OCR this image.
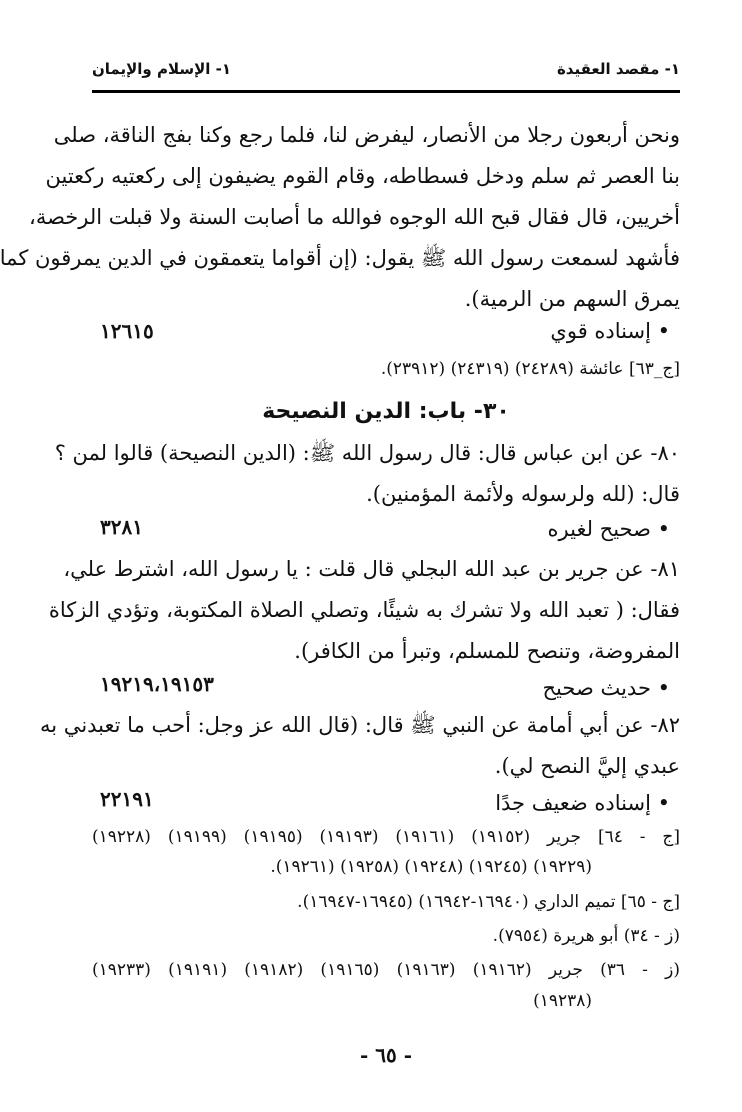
١- مقصد العقيدة
١- الإسلام والإيمان
ونحن أربعون رجلا من الأنصار، ليفرض لنا، فلما رجع وكنا بفج الناقة، صلى
بنا العصر ثم سلم ودخل فسطاطه، وقام القوم يضيفون إلى ركعتيه ركعتين
أخريين، قال فقال قبح الله الوجوه فوالله ما أصابت السنة ولا قبلت الرخصة،
فأشهد لسمعت رسول الله ﷺ يقول: (إن أقواما يتعمقون في الدين يمرقون كما
يمرق السهم من الرمية).
• إسناده قوي
١٢٦١٥
[ج_٦٣] عائشة (٢٤٢٨٩) (٢٤٣١٩) (٢٣٩١٢).
٣٠- باب: الدين النصيحة
٨٠- عن ابن عباس قال: قال رسول الله ﷺ: (الدين النصيحة) قالوا لمن ؟
قال: (لله ولرسوله ولأئمة المؤمنين).
• صحيح لغيره
٣٢٨١
٨١- عن جرير بن عبد الله البجلي قال قلت : يا رسول الله، اشترط علي،
فقال: ( تعبد الله ولا تشرك به شيئًا، وتصلي الصلاة المكتوبة، وتؤدي الزكاة
المفروضة، وتنصح للمسلم، وتبرأ من الكافر).
• حديث صحيح
١٩٢١٩،١٩١٥٣
٨٢- عن أبي أمامة عن النبي ﷺ قال: (قال الله عز وجل: أحب ما تعبدني به
عبدي إليَّ النصح لي).
• إسناده ضعيف جدًا
٢٢١٩١
[ج - ٦٤] جرير (١٩١٥٢) (١٩١٦١) (١٩١٩٣) (١٩١٩٥) (١٩١٩٩) (١٩٢٢٨)
(١٩٢٢٩) (١٩٢٤٥) (١٩٢٤٨) (١٩٢٥٨) (١٩٢٦١).
[ج - ٦٥] تميم الداري (١٦٩٤٠-١٦٩٤٢) (١٦٩٤٥-١٦٩٤٧).
(ز - ٣٤) أبو هريرة (٧٩٥٤).
(ز - ٣٦) جرير (١٩١٦٢) (١٩١٦٣) (١٩١٦٥) (١٩١٨٢) (١٩١٩١) (١٩٢٣٣)
(١٩٢٣٨)
- ٦٥ -
